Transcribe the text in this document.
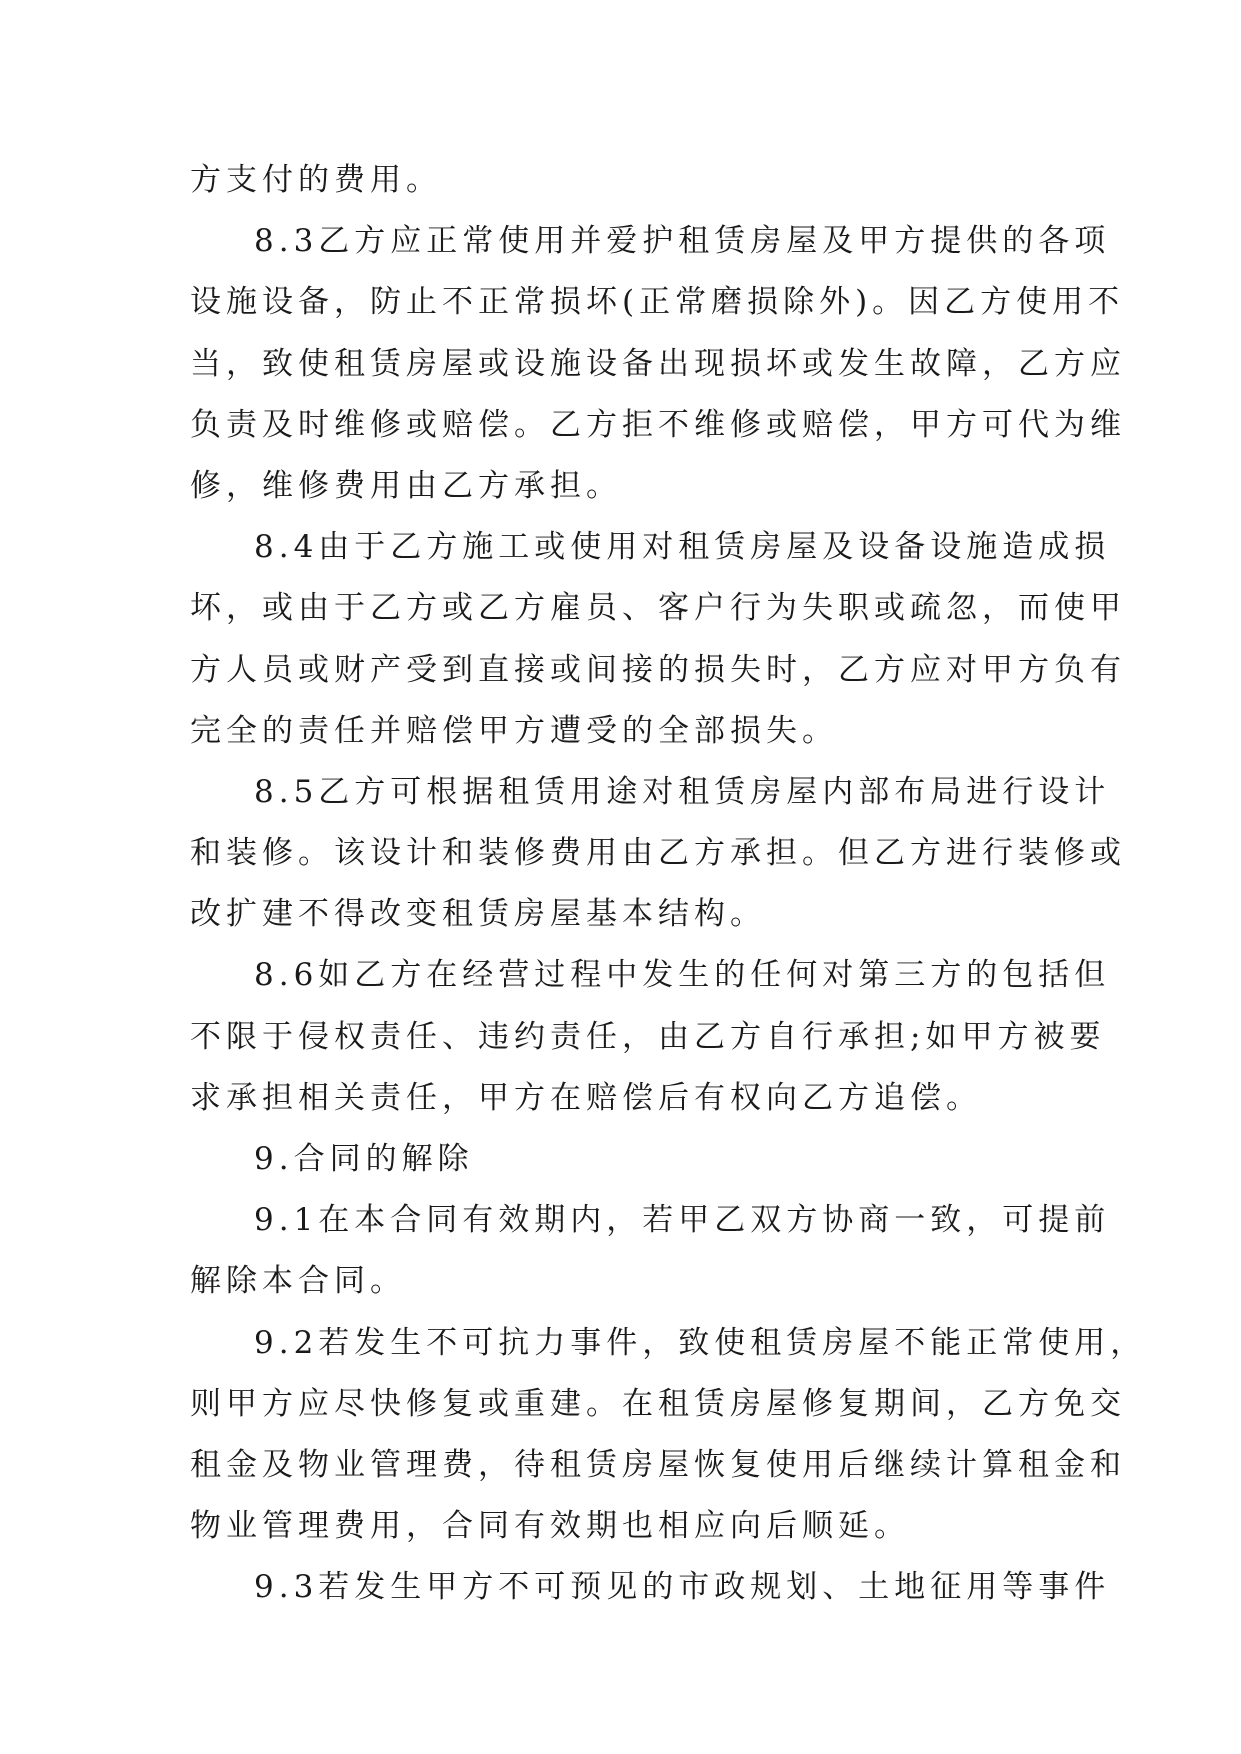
方支付的费用。
8.3乙方应正常使用并爱护租赁房屋及甲方提供的各项
设施设备，防止不正常损坏(正常磨损除外)。因乙方使用不
当，致使租赁房屋或设施设备出现损坏或发生故障，乙方应
负责及时维修或赔偿。乙方拒不维修或赔偿，甲方可代为维
修，维修费用由乙方承担。
8.4由于乙方施工或使用对租赁房屋及设备设施造成损
坏，或由于乙方或乙方雇员、客户行为失职或疏忽，而使甲
方人员或财产受到直接或间接的损失时，乙方应对甲方负有
完全的责任并赔偿甲方遭受的全部损失。
8.5乙方可根据租赁用途对租赁房屋内部布局进行设计
和装修。该设计和装修费用由乙方承担。但乙方进行装修或
改扩建不得改变租赁房屋基本结构。
8.6如乙方在经营过程中发生的任何对第三方的包括但
不限于侵权责任、违约责任，由乙方自行承担;如甲方被要
求承担相关责任，甲方在赔偿后有权向乙方追偿。
9.合同的解除
9.1在本合同有效期内，若甲乙双方协商一致，可提前
解除本合同。
9.2若发生不可抗力事件，致使租赁房屋不能正常使用，
则甲方应尽快修复或重建。在租赁房屋修复期间，乙方免交
租金及物业管理费，待租赁房屋恢复使用后继续计算租金和
物业管理费用，合同有效期也相应向后顺延。
9.3若发生甲方不可预见的市政规划、土地征用等事件
